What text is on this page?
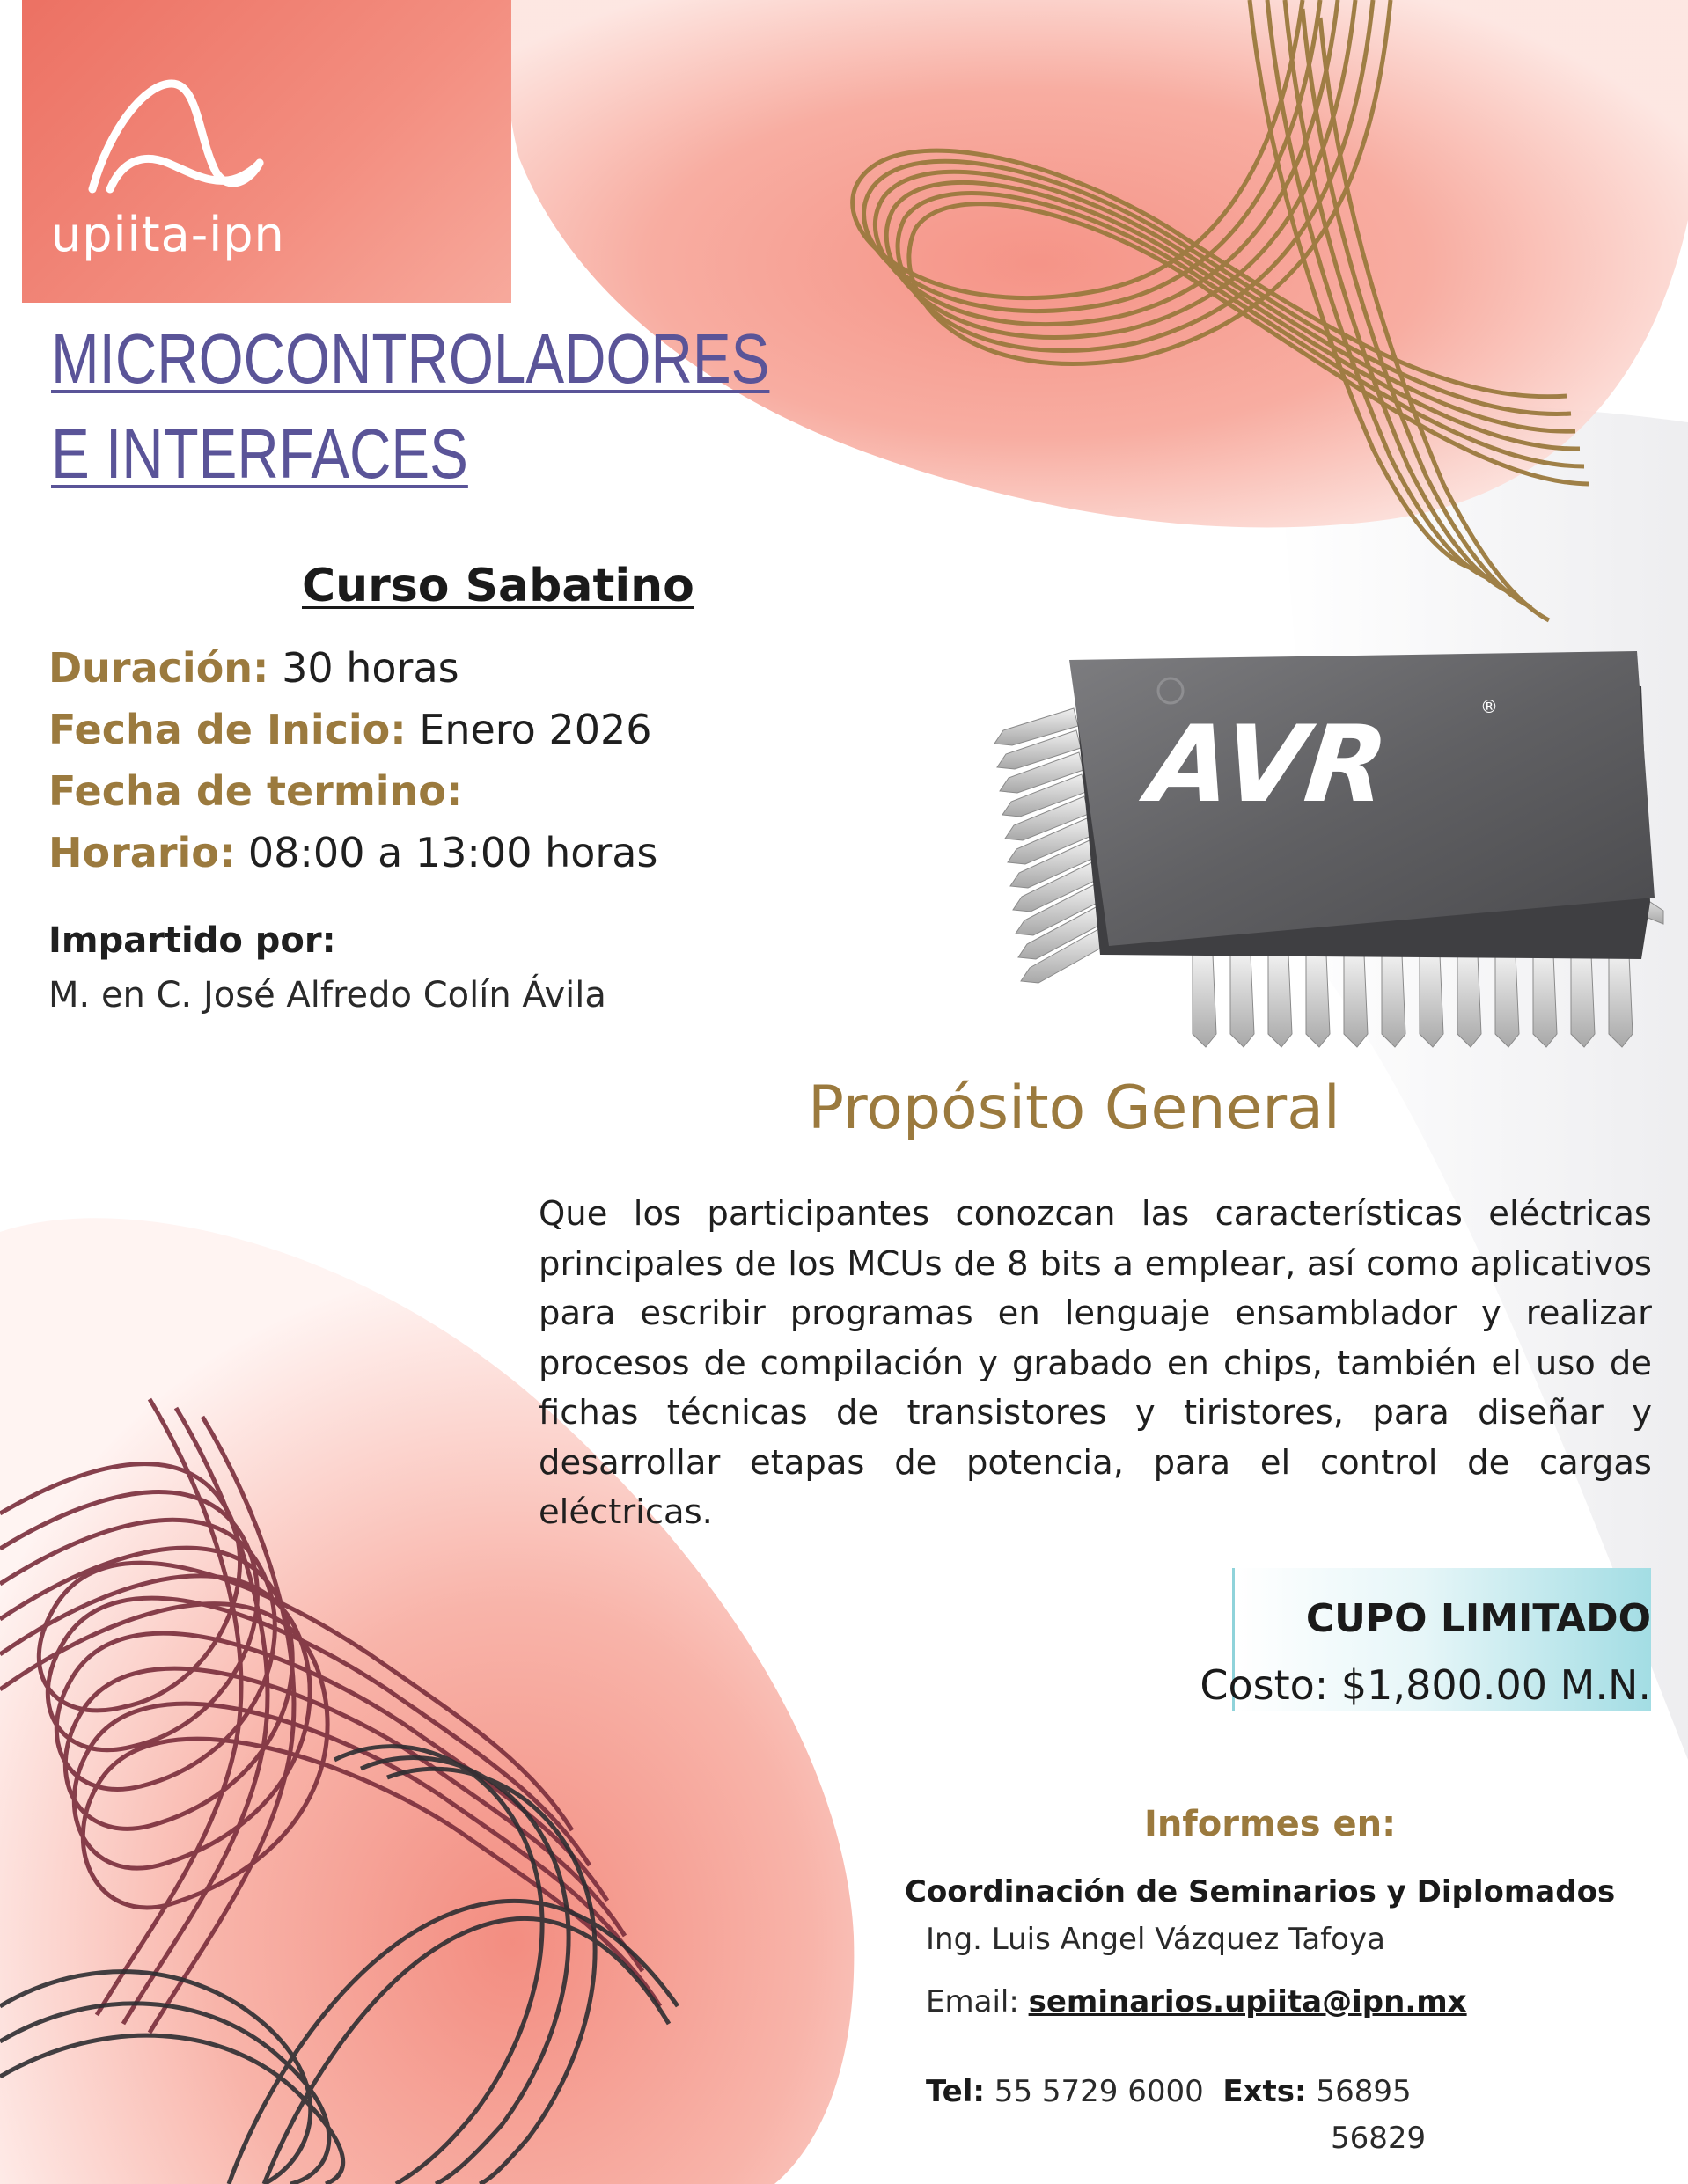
upiita-ipn
MICROCONTROLADORES
E INTERFACES
Curso Sabatino
Duración: 30 horas
Fecha de Inicio: Enero 2026
Fecha de termino:
Horario: 08:00 a 13:00 horas
Impartido por:
M. en C. José Alfredo Colín Ávila
AVR	®
Propósito General
Que los participantes conozcan las características eléctricas principales de los MCUs de 8 bits a emplear, así como aplicativos para escribir programas en lenguaje ensamblador y realizar procesos de compilación y grabado en chips, también el uso de fichas técnicas de transistores y tiristores, para diseñar y desarrollar etapas de potencia, para el control de cargas eléctricas.
CUPO LIMITADO
Costo: $1,800.00 M.N.
Informes en:
Coordinación de Seminarios y Diplomados
Ing. Luis Angel Vázquez Tafoya
Email: seminarios.upiita@ipn.mx
Tel: 55 5729 6000 Exts: 56895
56829
